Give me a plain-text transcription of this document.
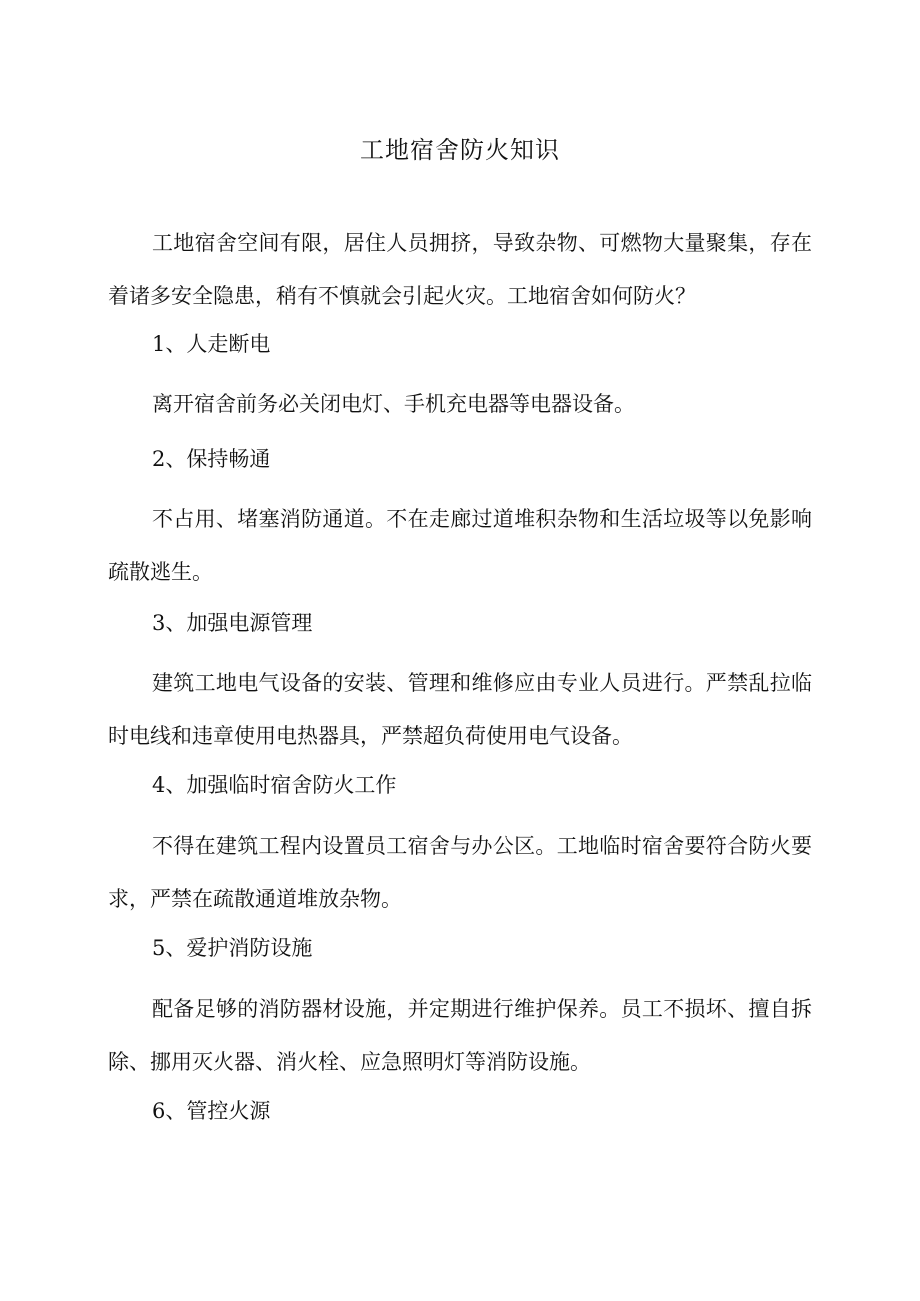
工地宿舍防火知识

工地宿舍空间有限，居住人员拥挤，导致杂物、可燃物大量聚集，存在着诸多安全隐患，稍有不慎就会引起火灾。工地宿舍如何防火？

1、人走断电

离开宿舍前务必关闭电灯、手机充电器等电器设备。

2、保持畅通

不占用、堵塞消防通道。不在走廊过道堆积杂物和生活垃圾等以免影响疏散逃生。

3、加强电源管理

建筑工地电气设备的安装、管理和维修应由专业人员进行。严禁乱拉临时电线和违章使用电热器具，严禁超负荷使用电气设备。

4、加强临时宿舍防火工作

不得在建筑工程内设置员工宿舍与办公区。工地临时宿舍要符合防火要求，严禁在疏散通道堆放杂物。

5、爱护消防设施

配备足够的消防器材设施，并定期进行维护保养。员工不损坏、擅自拆除、挪用灭火器、消火栓、应急照明灯等消防设施。

6、管控火源
